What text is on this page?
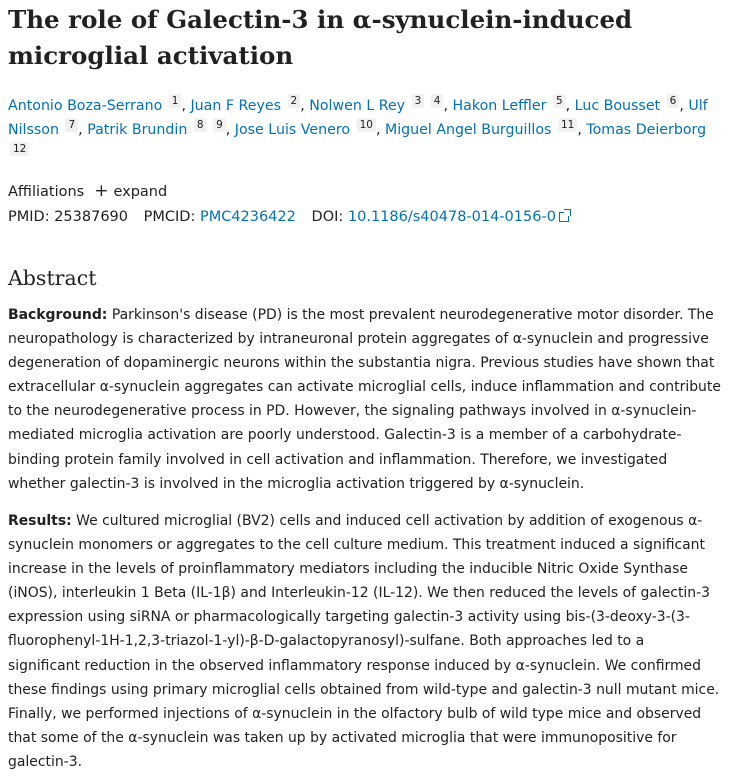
The role of Galectin-3 in α-synuclein-induced microglial activation
Antonio Boza-Serrano 1 , Juan F Reyes 2 , Nolwen L Rey 3 4 , Hakon Leffler 5 , Luc Bousset 6 , Ulf Nilsson 7 , Patrik Brundin 8 9 , Jose Luis Venero 10 , Miguel Angel Burguillos 11 , Tomas Deierborg 12
Affiliations + expand
PMID: 25387690 PMCID: PMC4236422 DOI: 10.1186/s40478-014-0156-0
Abstract

Background: Parkinson's disease (PD) is the most prevalent neurodegenerative motor disorder. The
neuropathology is characterized by intraneuronal protein aggregates of α-synuclein and progressive
degeneration of dopaminergic neurons within the substantia nigra. Previous studies have shown that
extracellular α-synuclein aggregates can activate microglial cells, induce inflammation and contribute
to the neurodegenerative process in PD. However, the signaling pathways involved in α-synuclein-
mediated microglia activation are poorly understood. Galectin-3 is a member of a carbohydrate-
binding protein family involved in cell activation and inflammation. Therefore, we investigated
whether galectin-3 is involved in the microglia activation triggered by α-synuclein.

Results: We cultured microglial (BV2) cells and induced cell activation by addition of exogenous α-
synuclein monomers or aggregates to the cell culture medium. This treatment induced a significant
increase in the levels of proinflammatory mediators including the inducible Nitric Oxide Synthase
(iNOS), interleukin 1 Beta (IL-1β) and Interleukin-12 (IL-12). We then reduced the levels of galectin-3
expression using siRNA or pharmacologically targeting galectin-3 activity using bis-(3-deoxy-3-(3-
fluorophenyl-1H-1,2,3-triazol-1-yl)-β-D-galactopyranosyl)-sulfane. Both approaches led to a
significant reduction in the observed inflammatory response induced by α-synuclein. We confirmed
these findings using primary microglial cells obtained from wild-type and galectin-3 null mutant mice.
Finally, we performed injections of α-synuclein in the olfactory bulb of wild type mice and observed
that some of the α-synuclein was taken up by activated microglia that were immunopositive for
galectin-3.
